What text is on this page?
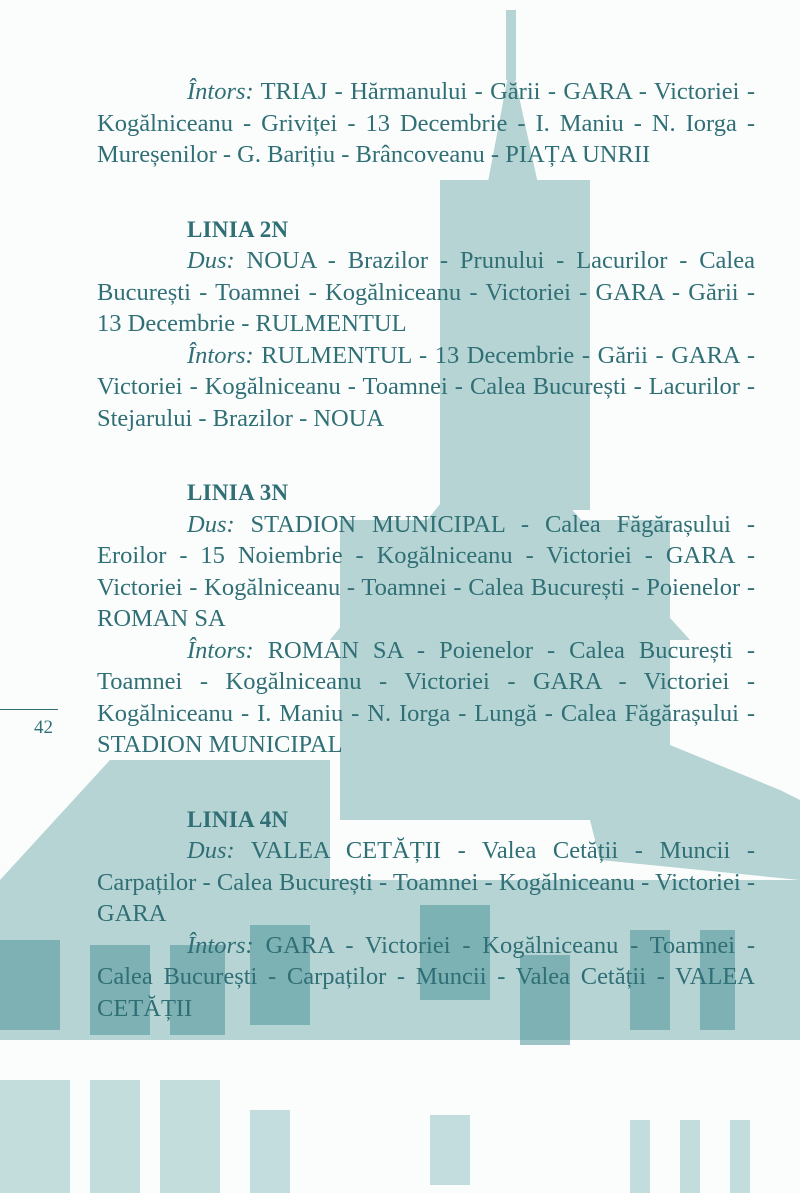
42

Întors: TRIAJ - Hărmanului - Gării - GARA - Victoriei - Kogălniceanu - Griviței - 13 Decembrie - I. Maniu - N. Iorga - Mureșenilor - G. Barițiu - Brâncoveanu - PIAȚA UNRII

LINIA 2N

Dus: NOUA - Brazilor - Prunului - Lacurilor - Calea București - Toamnei - Kogălniceanu - Victoriei - GARA - Gării - 13 Decembrie - RULMENTUL

Întors: RULMENTUL - 13 Decembrie - Gării - GARA - Victoriei - Kogălniceanu - Toamnei - Calea București - Lacurilor - Stejarului - Brazilor - NOUA

LINIA 3N

Dus: STADION MUNICIPAL - Calea Făgărașului - Eroilor - 15 Noiembrie - Kogălniceanu - Victoriei - GARA - Victoriei - Kogălniceanu - Toamnei - Calea București - Poienelor - ROMAN SA

Întors: ROMAN SA - Poienelor - Calea București - Toamnei - Kogălniceanu - Victoriei - GARA - Victoriei - Kogălniceanu - I. Maniu - N. Iorga - Lungă - Calea Făgărașului - STADION MUNICIPAL

LINIA 4N

Dus: VALEA CETĂȚII - Valea Cetății - Muncii - Carpaților - Calea București - Toamnei - Kogălniceanu - Victoriei - GARA

Întors: GARA - Victoriei - Kogălniceanu - Toamnei - Calea București - Carpaților - Muncii - Valea Cetății - VALEA CETĂȚII
